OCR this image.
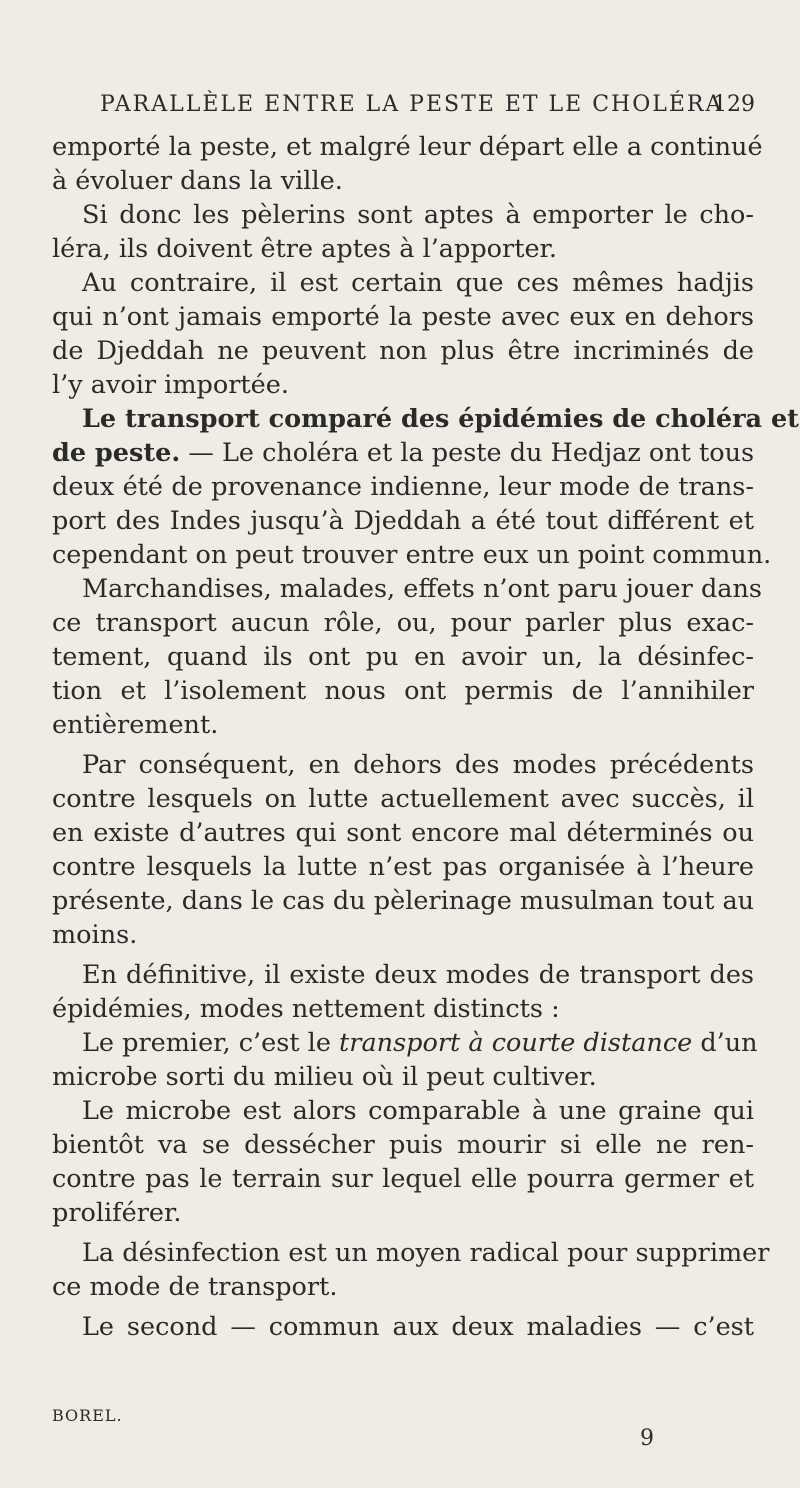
PARALLÈLE ENTRE LA PESTE ET LE CHOLÉRA
129
emporté la peste, et malgré leur départ elle a continué
à évoluer dans la ville.
Si donc les pèlerins sont aptes à emporter le cho-
léra, ils doivent être aptes à l’apporter.
Au contraire, il est certain que ces mêmes hadjis
qui n’ont jamais emporté la peste avec eux en dehors
de Djeddah ne peuvent non plus être incriminés de
l’y avoir importée.
Le transport comparé des épidémies de choléra et
de peste. — Le choléra et la peste du Hedjaz ont tous
deux été de provenance indienne, leur mode de trans-
port des Indes jusqu’à Djeddah a été tout différent et
cependant on peut trouver entre eux un point commun.
Marchandises, malades, effets n’ont paru jouer dans
ce transport aucun rôle, ou, pour parler plus exac-
tement, quand ils ont pu en avoir un, la désinfec-
tion et l’isolement nous ont permis de l’annihiler
entièrement.
Par conséquent, en dehors des modes précédents
contre lesquels on lutte actuellement avec succès, il
en existe d’autres qui sont encore mal déterminés ou
contre lesquels la lutte n’est pas organisée à l’heure
présente, dans le cas du pèlerinage musulman tout au
moins.
En définitive, il existe deux modes de transport des
épidémies, modes nettement distincts :
Le premier, c’est le transport à courte distance d’un
microbe sorti du milieu où il peut cultiver.
Le microbe est alors comparable à une graine qui
bientôt va se dessécher puis mourir si elle ne ren-
contre pas le terrain sur lequel elle pourra germer et
proliférer.
La désinfection est un moyen radical pour supprimer
ce mode de transport.
Le second — commun aux deux maladies — c’est
BOREL.
9
